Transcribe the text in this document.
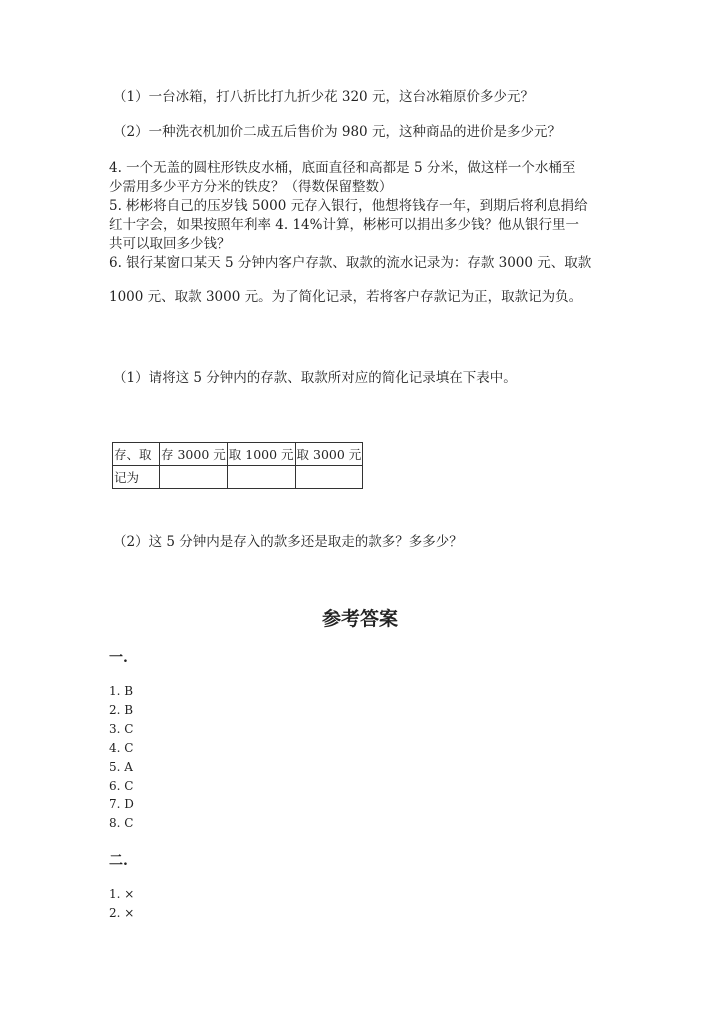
（1）一台冰箱，打八折比打九折少花 320 元，这台冰箱原价多少元？
（2）一种洗衣机加价二成五后售价为 980 元，这种商品的进价是多少元？
4. 一个无盖的圆柱形铁皮水桶，底面直径和高都是 5 分米，做这样一个水桶至
少需用多少平方分米的铁皮？（得数保留整数）
5. 彬彬将自己的压岁钱 5000 元存入银行，他想将钱存一年，到期后将利息捐给
红十字会，如果按照年利率 4. 14%计算，彬彬可以捐出多少钱？他从银行里一
共可以取回多少钱？
6. 银行某窗口某天 5 分钟内客户存款、取款的流水记录为：存款 3000 元、取款
1000 元、取款 3000 元。为了简化记录，若将客户存款记为正，取款记为负。
（1）请将这 5 分钟内的存款、取款所对应的简化记录填在下表中。
存、取	存 3000 元	取 1000 元	取 3000 元
记为			
（2）这 5 分钟内是存入的款多还是取走的款多？多多少？
参考答案
一.
1. B
2. B
3. C
4. C
5. A
6. C
7. D
8. C
二.
1. ×
2. ×
